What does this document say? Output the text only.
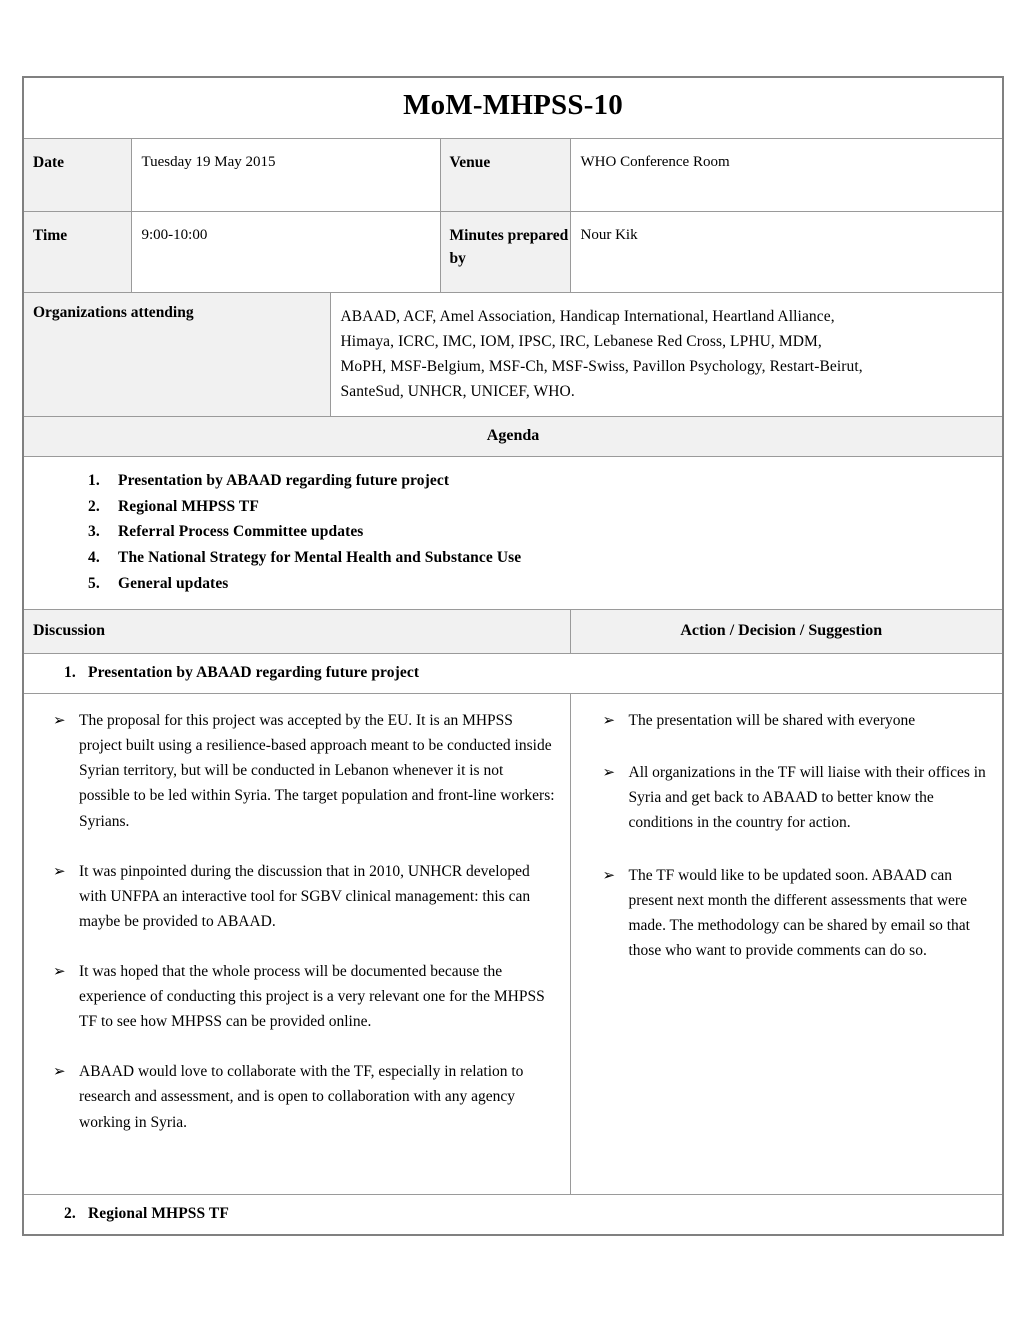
MoM-MHPSS-10				

Date	Tuesday 19 May 2015		Venue	WHO Conference Room
Time	9:00-10:00		Minutes prepared by	Nour Kik
Organizations attending		ABAAD, ACF, Amel Association, Handicap International, Heartland Alliance,
Himaya, ICRC, IMC, IOM, IPSC, IRC, Lebanese Red Cross, LPHU, MDM,
MoPH, MSF-Belgium, MSF-Ch, MSF-Swiss, Pavillon Psychology, Restart-Beirut,
SanteSud, UNHCR, UNICEF, WHO.		

Agenda				

Presentation by ABAAD regarding future project
Regional MHPSS TF
Referral Process Committee updates
The National Strategy for Mental Health and Substance Use
General updates

Discussion				Action / Decision / Suggestion

1. Presentation by ABAAD regarding future project				

➢ The proposal for this project was accepted by the EU. It is an MHPSS project built using a resilience-based approach meant to be conducted inside Syrian territory, but will be conducted in Lebanon whenever it is not possible to be led within Syria. The target population and front-line workers: Syrians.
➢ It was pinpointed during the discussion that in 2010, UNHCR developed with UNFPA an interactive tool for SGBV clinical management: this can maybe be provided to ABAAD.
➢ It was hoped that the whole process will be documented because the experience of conducting this project is a very relevant one for the MHPSS TF to see how MHPSS can be provided online.
➢ ABAAD would love to collaborate with the TF, especially in relation to research and assessment, and is open to collaboration with any agency working in Syria.

➢ The presentation will be shared with everyone
➢ All organizations in the TF will liaise with their offices in Syria and get back to ABAAD to better know the conditions in the country for action.
➢ The TF would like to be updated soon. ABAAD can present next month the different assessments that were made. The methodology can be shared by email so that those who want to provide comments can do so.

2. Regional MHPSS TF				
